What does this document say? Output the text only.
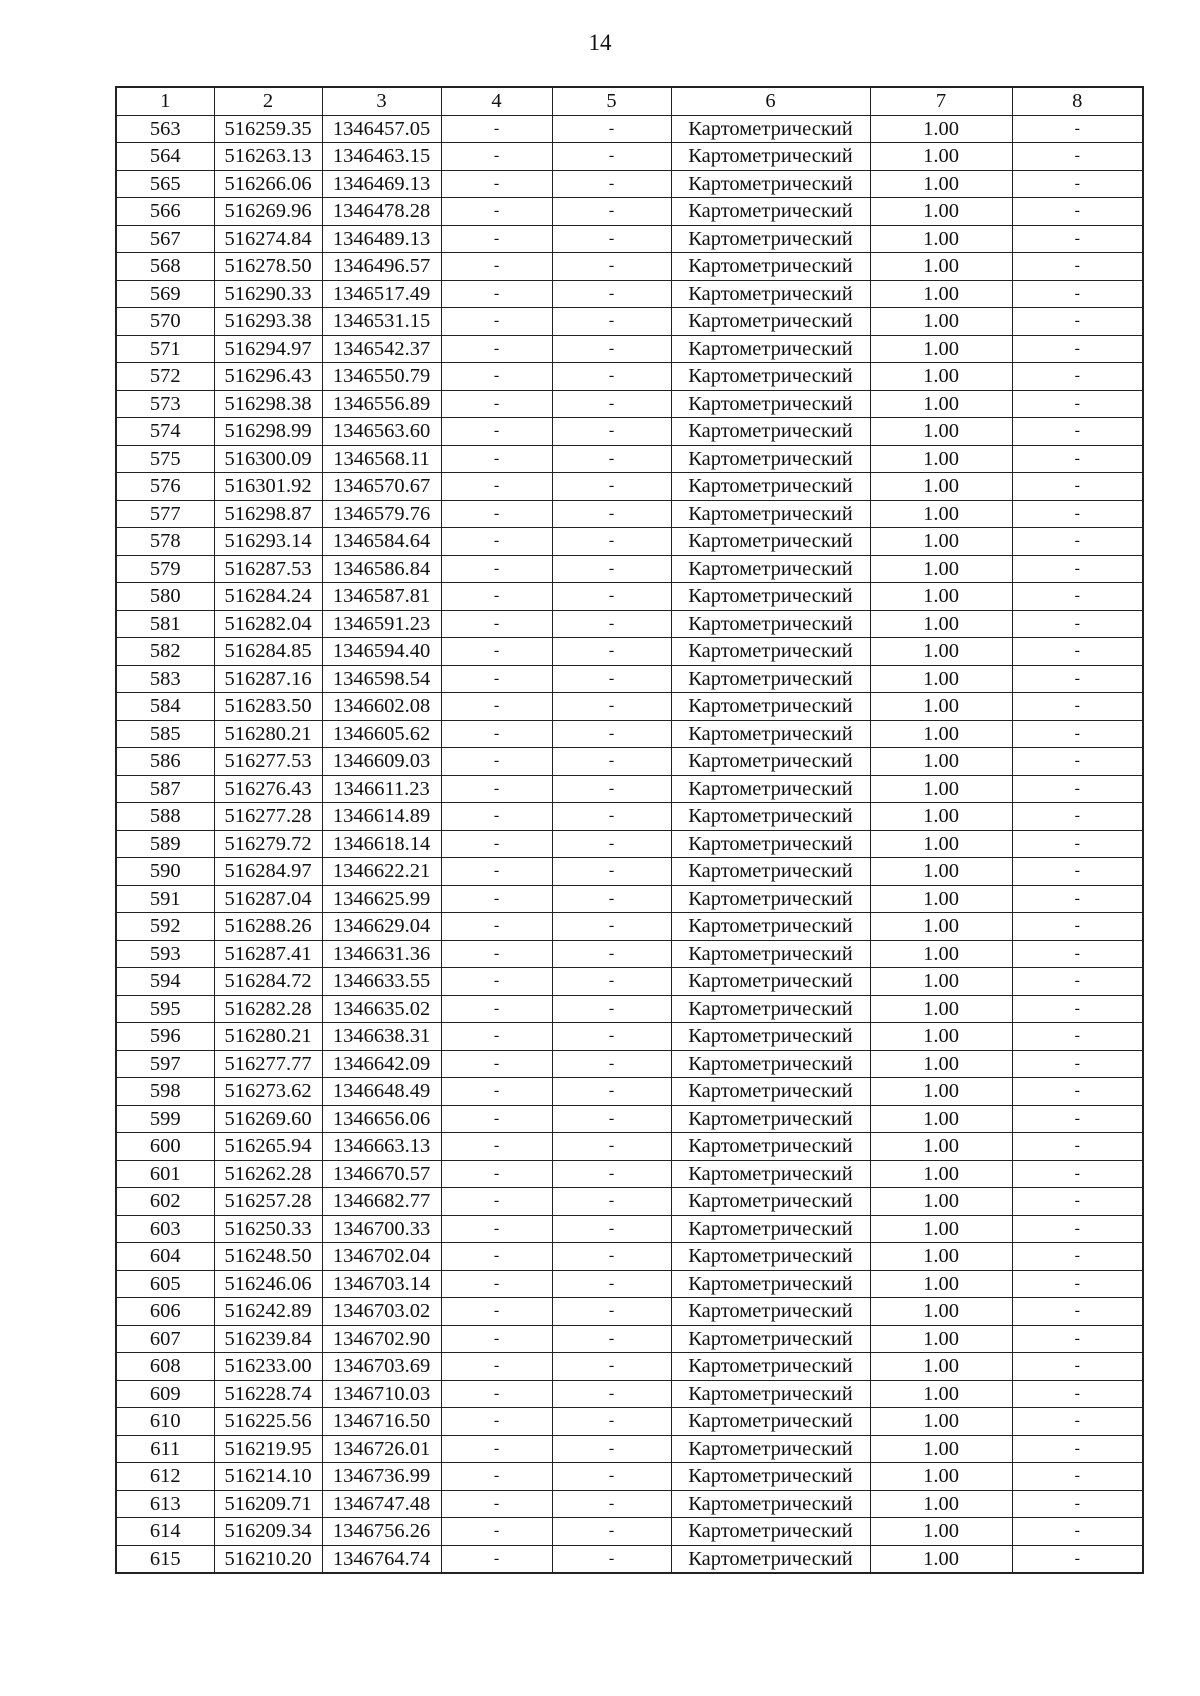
14
1	2	3	4	5	6	7	8
563	516259.35	1346457.05	-	-	Картометрический	1.00	-
564	516263.13	1346463.15	-	-	Картометрический	1.00	-
565	516266.06	1346469.13	-	-	Картометрический	1.00	-
566	516269.96	1346478.28	-	-	Картометрический	1.00	-
567	516274.84	1346489.13	-	-	Картометрический	1.00	-
568	516278.50	1346496.57	-	-	Картометрический	1.00	-
569	516290.33	1346517.49	-	-	Картометрический	1.00	-
570	516293.38	1346531.15	-	-	Картометрический	1.00	-
571	516294.97	1346542.37	-	-	Картометрический	1.00	-
572	516296.43	1346550.79	-	-	Картометрический	1.00	-
573	516298.38	1346556.89	-	-	Картометрический	1.00	-
574	516298.99	1346563.60	-	-	Картометрический	1.00	-
575	516300.09	1346568.11	-	-	Картометрический	1.00	-
576	516301.92	1346570.67	-	-	Картометрический	1.00	-
577	516298.87	1346579.76	-	-	Картометрический	1.00	-
578	516293.14	1346584.64	-	-	Картометрический	1.00	-
579	516287.53	1346586.84	-	-	Картометрический	1.00	-
580	516284.24	1346587.81	-	-	Картометрический	1.00	-
581	516282.04	1346591.23	-	-	Картометрический	1.00	-
582	516284.85	1346594.40	-	-	Картометрический	1.00	-
583	516287.16	1346598.54	-	-	Картометрический	1.00	-
584	516283.50	1346602.08	-	-	Картометрический	1.00	-
585	516280.21	1346605.62	-	-	Картометрический	1.00	-
586	516277.53	1346609.03	-	-	Картометрический	1.00	-
587	516276.43	1346611.23	-	-	Картометрический	1.00	-
588	516277.28	1346614.89	-	-	Картометрический	1.00	-
589	516279.72	1346618.14	-	-	Картометрический	1.00	-
590	516284.97	1346622.21	-	-	Картометрический	1.00	-
591	516287.04	1346625.99	-	-	Картометрический	1.00	-
592	516288.26	1346629.04	-	-	Картометрический	1.00	-
593	516287.41	1346631.36	-	-	Картометрический	1.00	-
594	516284.72	1346633.55	-	-	Картометрический	1.00	-
595	516282.28	1346635.02	-	-	Картометрический	1.00	-
596	516280.21	1346638.31	-	-	Картометрический	1.00	-
597	516277.77	1346642.09	-	-	Картометрический	1.00	-
598	516273.62	1346648.49	-	-	Картометрический	1.00	-
599	516269.60	1346656.06	-	-	Картометрический	1.00	-
600	516265.94	1346663.13	-	-	Картометрический	1.00	-
601	516262.28	1346670.57	-	-	Картометрический	1.00	-
602	516257.28	1346682.77	-	-	Картометрический	1.00	-
603	516250.33	1346700.33	-	-	Картометрический	1.00	-
604	516248.50	1346702.04	-	-	Картометрический	1.00	-
605	516246.06	1346703.14	-	-	Картометрический	1.00	-
606	516242.89	1346703.02	-	-	Картометрический	1.00	-
607	516239.84	1346702.90	-	-	Картометрический	1.00	-
608	516233.00	1346703.69	-	-	Картометрический	1.00	-
609	516228.74	1346710.03	-	-	Картометрический	1.00	-
610	516225.56	1346716.50	-	-	Картометрический	1.00	-
611	516219.95	1346726.01	-	-	Картометрический	1.00	-
612	516214.10	1346736.99	-	-	Картометрический	1.00	-
613	516209.71	1346747.48	-	-	Картометрический	1.00	-
614	516209.34	1346756.26	-	-	Картометрический	1.00	-
615	516210.20	1346764.74	-	-	Картометрический	1.00	-
